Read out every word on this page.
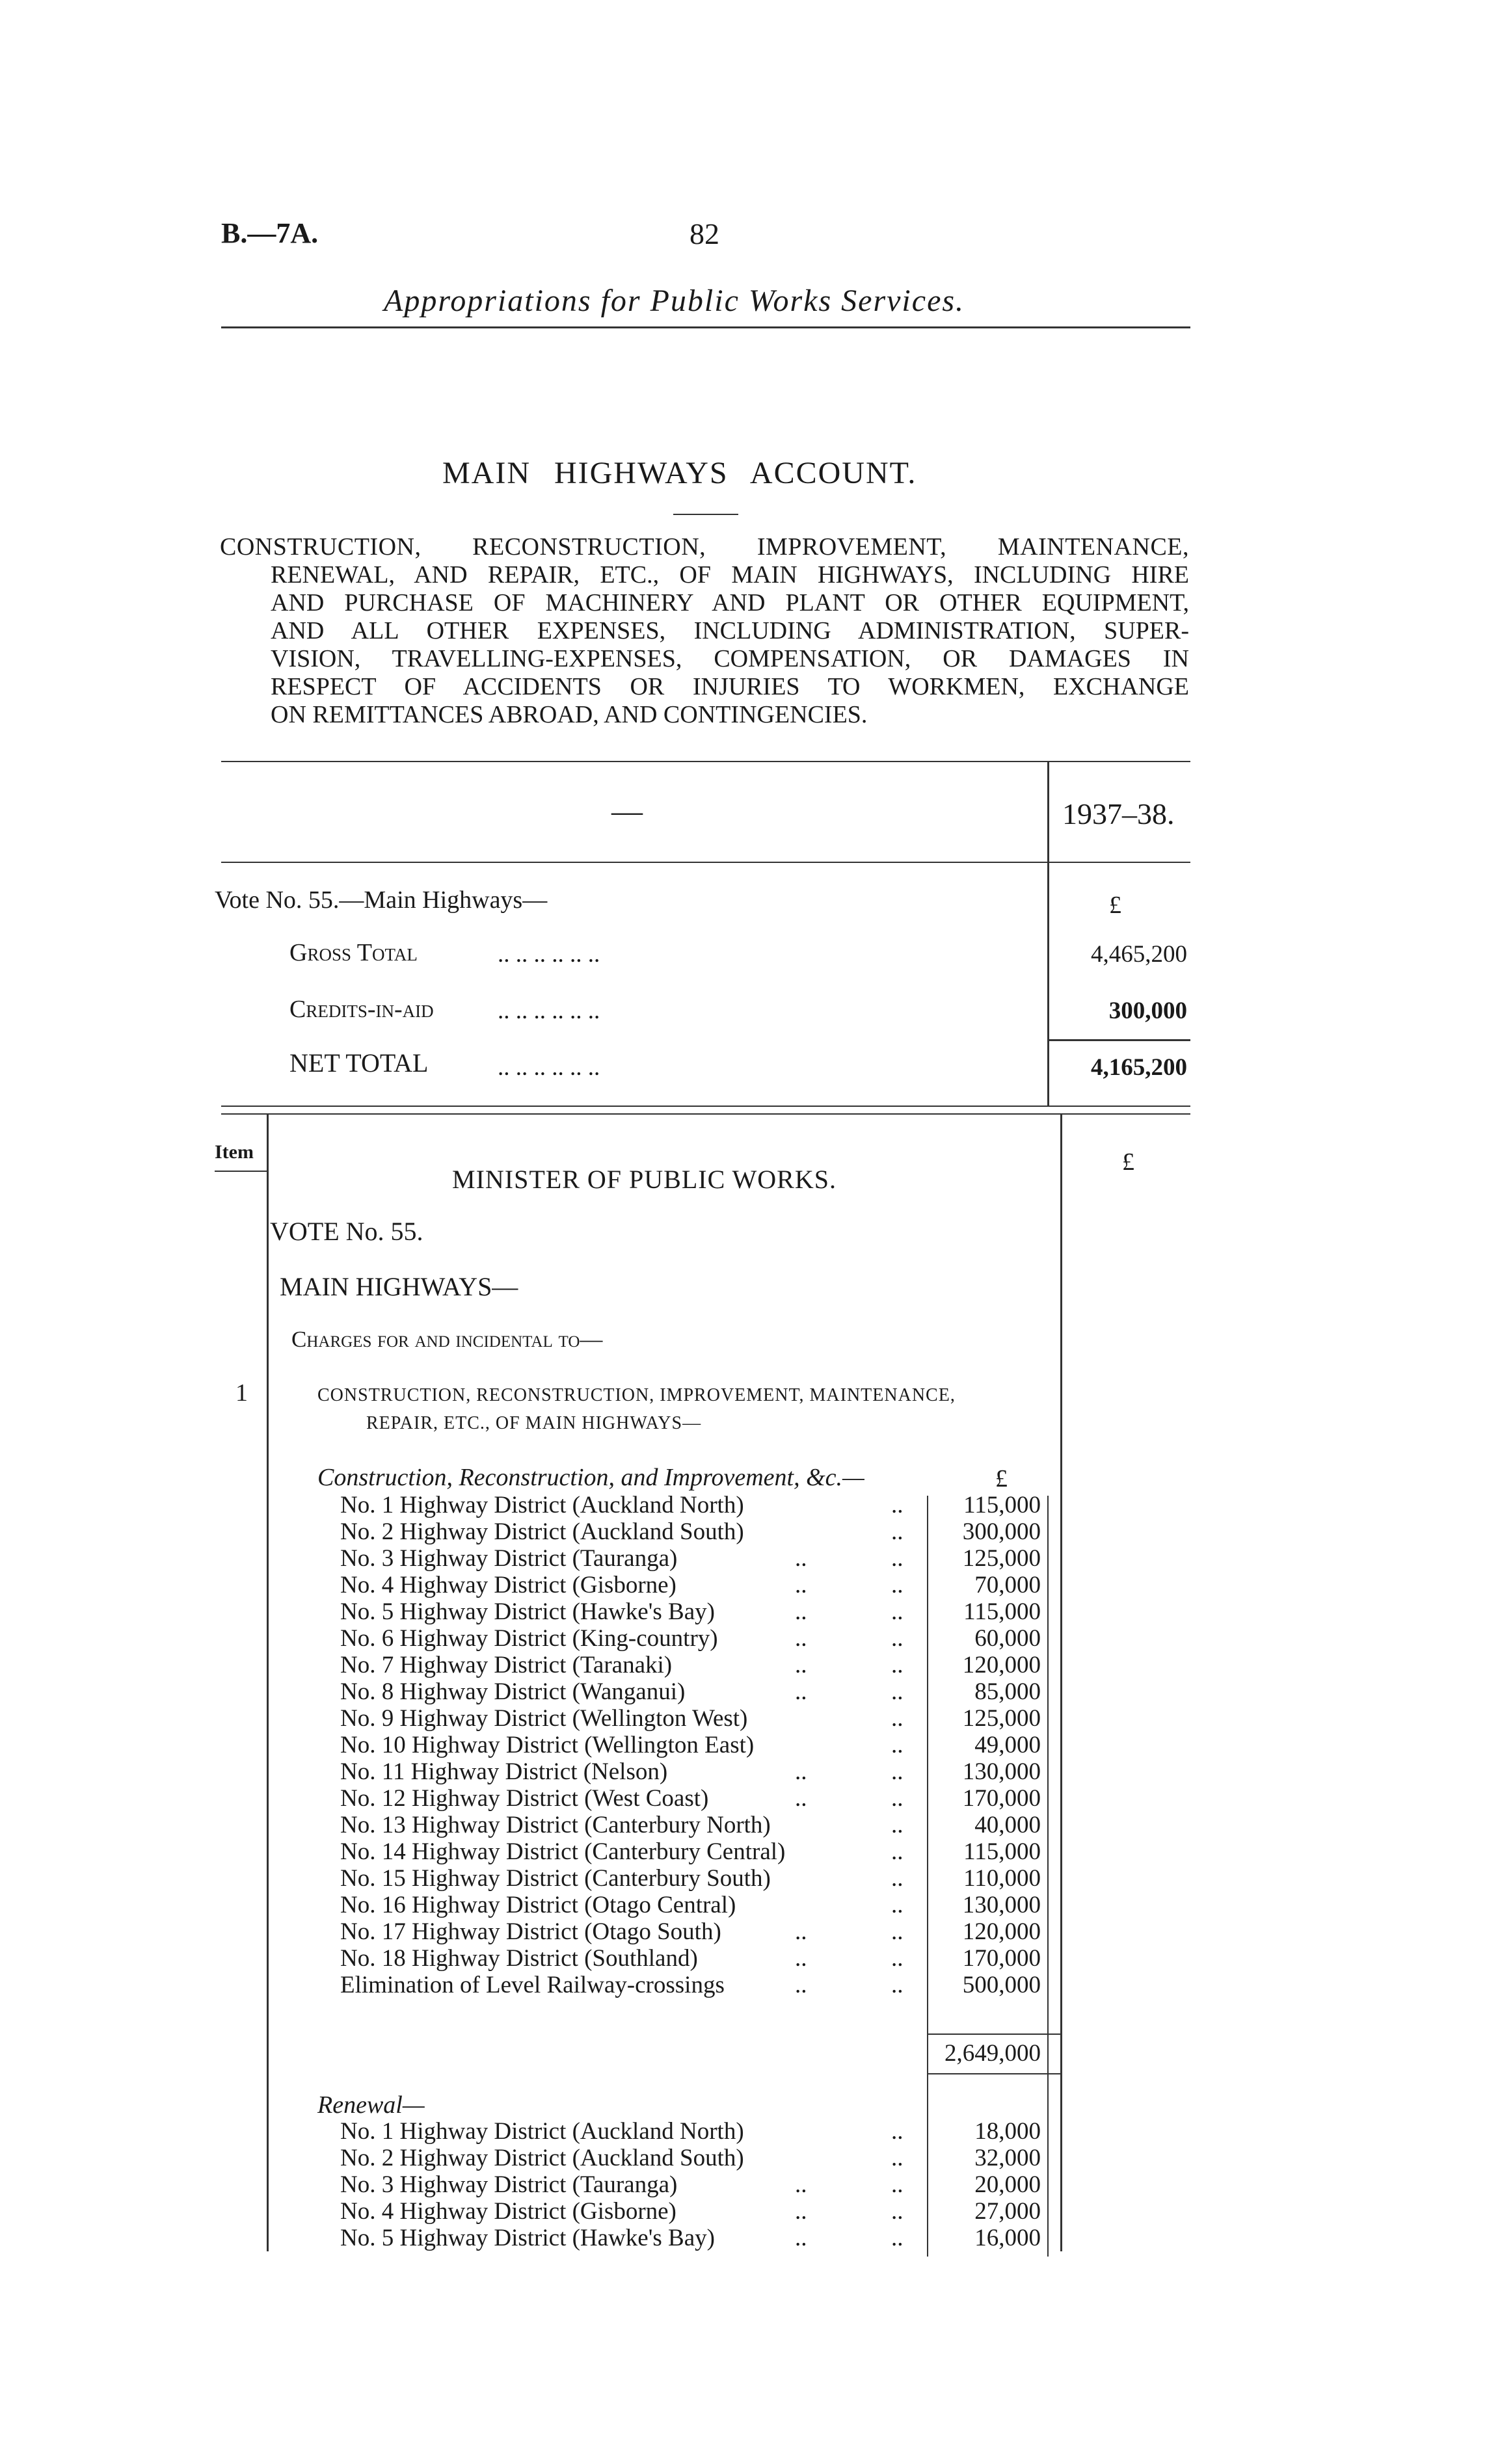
B.—7A.	82
Appropriations for Public Works Services.
MAIN HIGHWAYS ACCOUNT.
CONSTRUCTION, RECONSTRUCTION, IMPROVEMENT, MAINTENANCE,
RENEWAL, AND REPAIR, ETC., OF MAIN HIGHWAYS, INCLUDING HIRE
AND PURCHASE OF MACHINERY AND PLANT OR OTHER EQUIPMENT,
AND ALL OTHER EXPENSES, INCLUDING ADMINISTRATION, SUPER-
VISION, TRAVELLING-EXPENSES, COMPENSATION, OR DAMAGES IN
RESPECT OF ACCIDENTS OR INJURIES TO WORKMEN, EXCHANGE
ON REMITTANCES ABROAD, AND CONTINGENCIES.
—	1937–38.
Vote No. 55.—Main Highways—	£
Gross Total	.. .. .. .. .. ..	4,465,200
Credits-in-aid	.. .. .. .. .. ..	300,000
NET TOTAL	.. .. .. .. .. ..	4,165,200
Item	£
MINISTER OF PUBLIC WORKS.
VOTE No. 55.
MAIN HIGHWAYS—
Charges for and incidental to—
1	CONSTRUCTION, RECONSTRUCTION, IMPROVEMENT, MAINTENANCE,
REPAIR, ETC., OF MAIN HIGHWAYS—
Construction, Reconstruction, and Improvement, &c.—	£
No. 1 Highway District (Auckland North)	..	115,000
No. 2 Highway District (Auckland South)	..	300,000
No. 3 Highway District (Tauranga)	..	..	125,000
No. 4 Highway District (Gisborne)	..	..	70,000
No. 5 Highway District (Hawke's Bay)	..	..	115,000
No. 6 Highway District (King-country)	..	..	60,000
No. 7 Highway District (Taranaki)	..	..	120,000
No. 8 Highway District (Wanganui)	..	..	85,000
No. 9 Highway District (Wellington West)	..	125,000
No. 10 Highway District (Wellington East)	..	49,000
No. 11 Highway District (Nelson)	..	..	130,000
No. 12 Highway District (West Coast)	..	..	170,000
No. 13 Highway District (Canterbury North)	..	40,000
No. 14 Highway District (Canterbury Central)	..	115,000
No. 15 Highway District (Canterbury South)	..	110,000
No. 16 Highway District (Otago Central)	..	130,000
No. 17 Highway District (Otago South)	..	..	120,000
No. 18 Highway District (Southland)	..	..	170,000
Elimination of Level Railway-crossings	..	..	500,000
2,649,000
Renewal—
No. 1 Highway District (Auckland North)	..	18,000
No. 2 Highway District (Auckland South)	..	32,000
No. 3 Highway District (Tauranga)	..	..	20,000
No. 4 Highway District (Gisborne)	..	..	27,000
No. 5 Highway District (Hawke's Bay)	..	..	16,000
